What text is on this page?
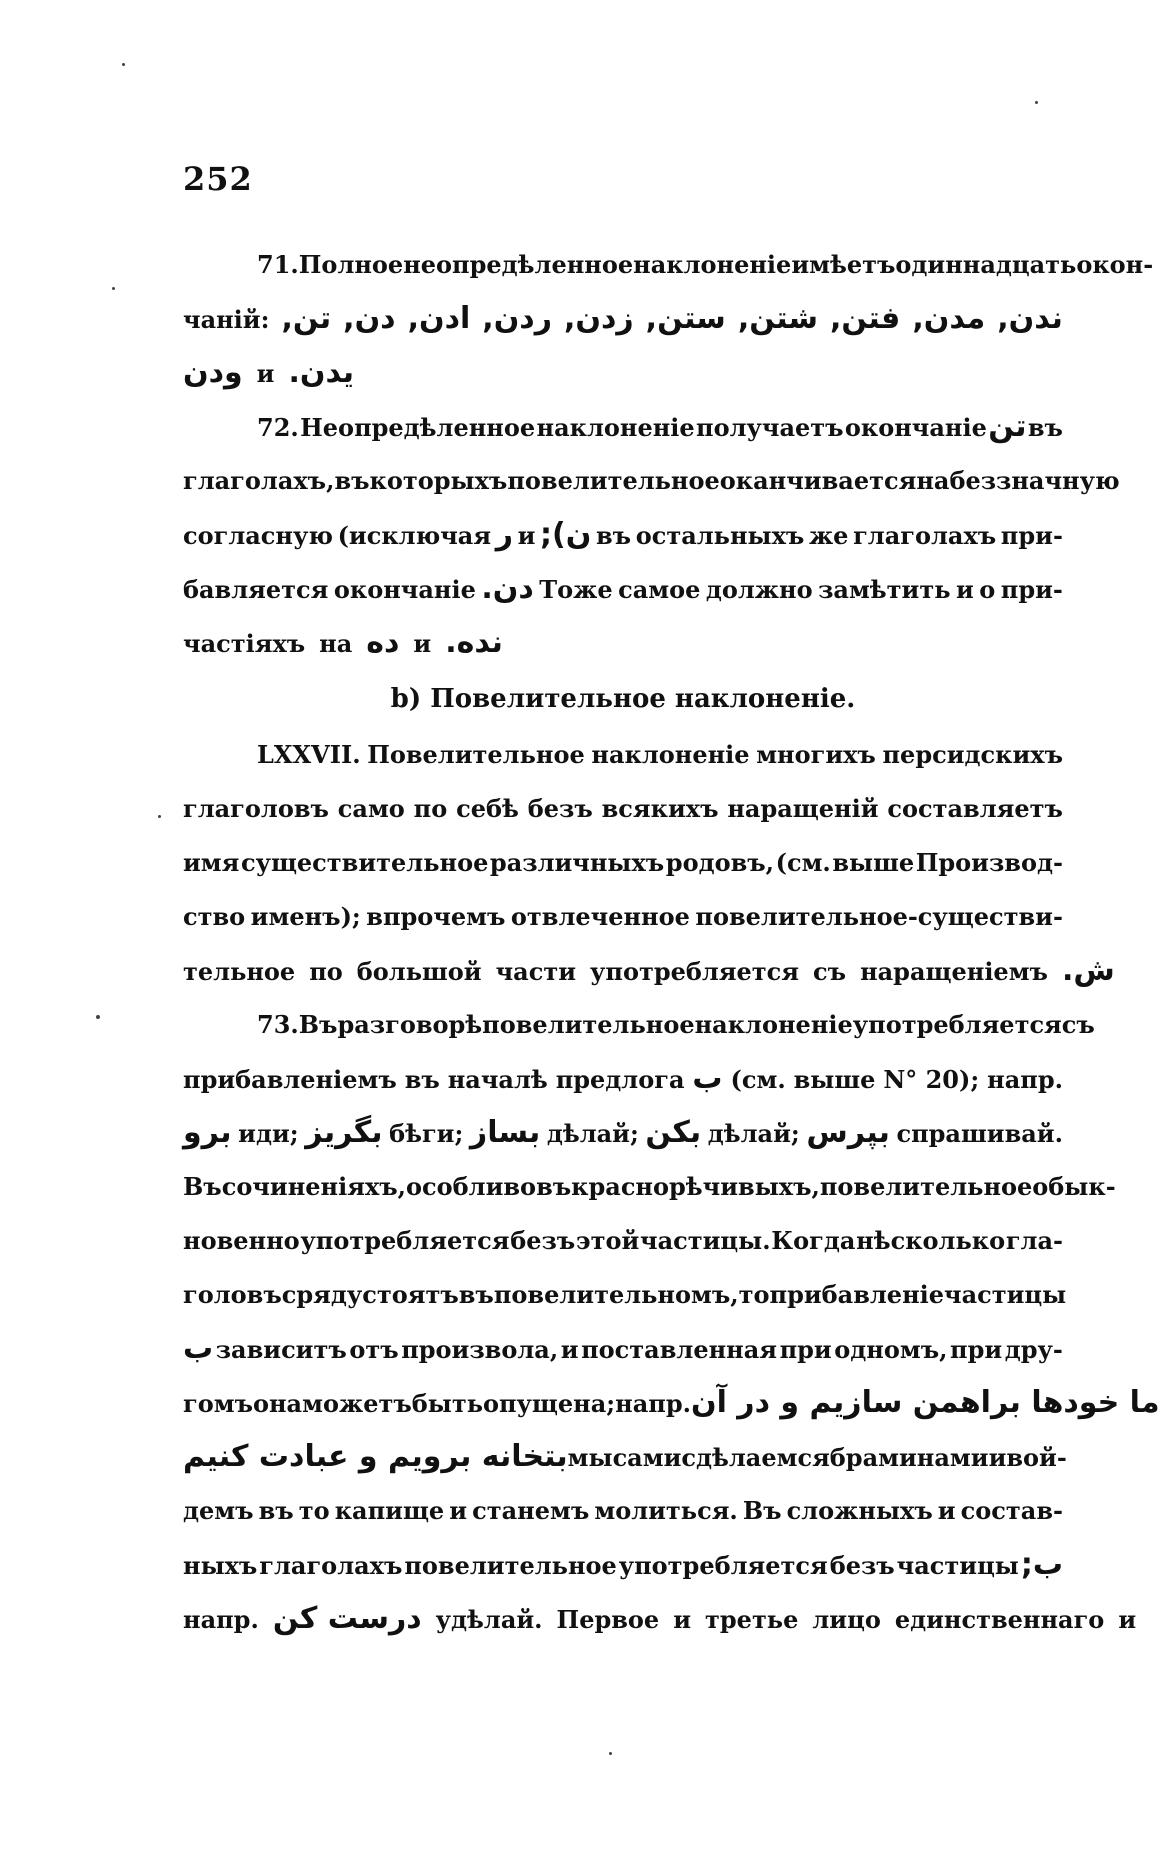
252
71. Полное неопредѣленное наклоненіе имѣетъ одиннадцать окон-
чаній: تن, دن, ادن, ردن, زدن, ستن, شتن, فتن, مدن, ندن,
ودن и يدن.
72. Неопредѣленное наклоненіе получаетъ окончаніе تن въ
глаголахъ, въ которыхъ повелительное оканчивается на беззначную
согласную (исключая ر и ن); въ остальныхъ же глаголахъ при-
бавляется окончаніе دن. Тоже самое должно замѣтить и о при-
частіяхъ на ده и نده.
b) Повелительное наклоненіе.
LXXVII. Повелительное наклоненіе многихъ персидскихъ
глаголовъ само по себѣ безъ всякихъ наращеній составляетъ
имя существительное различныхъ родовъ, (см. выше Производ-
ство именъ); впрочемъ отвлеченное повелительное-существи-
тельное по большой части употребляется съ наращеніемъ ش.
73. Въ разговорѣ повелительное наклоненіе употребляется съ
прибавленіемъ въ началѣ предлога ب (см. выше N° 20); напр.
برو иди; بگريز бѣги; بساز дѣлай; بكن дѣлай; بپرس спрашивай.
Въ сочиненіяхъ, особливо въ краснорѣчивыхъ, повелительное обык-
новенно употребляется безъ этой частицы. Когда нѣсколько гла-
головъ сряду стоятъ въ повелительномъ, то прибавленіе частицы
ب зависитъ отъ произвола, и поставленная при одномъ, при дру-
гомъ она можетъ быть опущена; напр. ما خودها براهمن سازيم و در آن
بتخانه برويم و عبادت كنيم мы сами сдѣлаемся браминами и вой-
демъ въ то капище и станемъ молиться. Въ сложныхъ и состав-
ныхъ глаголахъ повелительное употребляется безъ частицы ب;
напр. درست كن удѣлай. Первое и третье лицо единственнаго и
